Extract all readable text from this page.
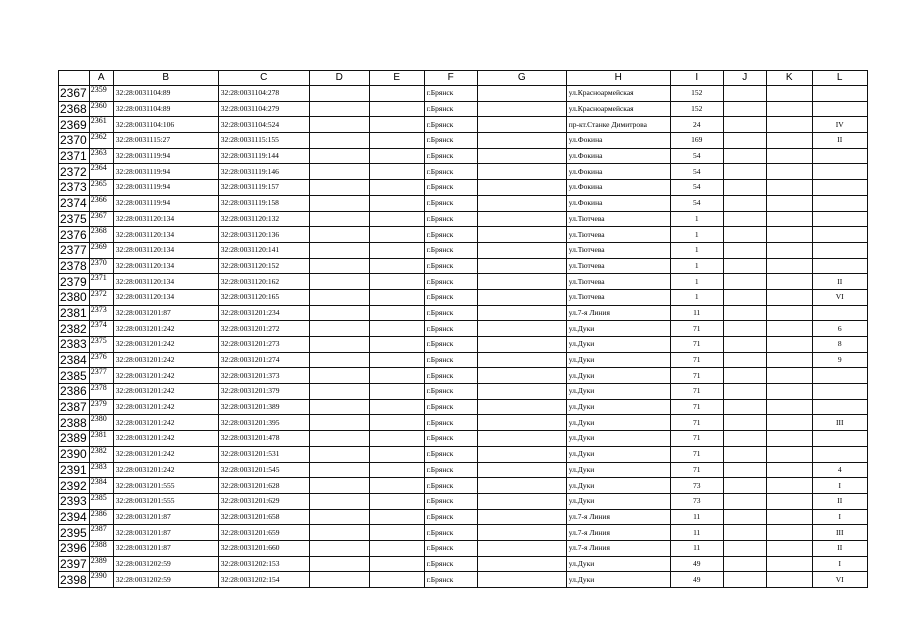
	A	B	C	D	E	F	G	H	I	J	K	L
2367	2359	32:28:0031104:89	32:28:0031104:278			г.Брянск		ул.Красноармейская	152			
2368	2360	32:28:0031104:89	32:28:0031104:279			г.Брянск		ул.Красноармейская	152			
2369	2361	32:28:0031104:106	32:28:0031104:524			г.Брянск		пр-кт.Станке Димитрова	24			IV
2370	2362	32:28:0031115:27	32:28:0031115:155			г.Брянск		ул.Фокина	169			II
2371	2363	32:28:0031119:94	32:28:0031119:144			г.Брянск		ул.Фокина	54			
2372	2364	32:28:0031119:94	32:28:0031119:146			г.Брянск		ул.Фокина	54			
2373	2365	32:28:0031119:94	32:28:0031119:157			г.Брянск		ул.Фокина	54			
2374	2366	32:28:0031119:94	32:28:0031119:158			г.Брянск		ул.Фокина	54			
2375	2367	32:28:0031120:134	32:28:0031120:132			г.Брянск		ул.Тютчева	1			
2376	2368	32:28:0031120:134	32:28:0031120:136			г.Брянск		ул.Тютчева	1			
2377	2369	32:28:0031120:134	32:28:0031120:141			г.Брянск		ул.Тютчева	1			
2378	2370	32:28:0031120:134	32:28:0031120:152			г.Брянск		ул.Тютчева	1			
2379	2371	32:28:0031120:134	32:28:0031120:162			г.Брянск		ул.Тютчева	1			II
2380	2372	32:28:0031120:134	32:28:0031120:165			г.Брянск		ул.Тютчева	1			VI
2381	2373	32:28:0031201:87	32:28:0031201:234			г.Брянск		ул.7-я Линия	11			
2382	2374	32:28:0031201:242	32:28:0031201:272			г.Брянск		ул.Дуки	71			6
2383	2375	32:28:0031201:242	32:28:0031201:273			г.Брянск		ул.Дуки	71			8
2384	2376	32:28:0031201:242	32:28:0031201:274			г.Брянск		ул.Дуки	71			9
2385	2377	32:28:0031201:242	32:28:0031201:373			г.Брянск		ул.Дуки	71			
2386	2378	32:28:0031201:242	32:28:0031201:379			г.Брянск		ул.Дуки	71			
2387	2379	32:28:0031201:242	32:28:0031201:389			г.Брянск		ул.Дуки	71			
2388	2380	32:28:0031201:242	32:28:0031201:395			г.Брянск		ул.Дуки	71			III
2389	2381	32:28:0031201:242	32:28:0031201:478			г.Брянск		ул.Дуки	71			
2390	2382	32:28:0031201:242	32:28:0031201:531			г.Брянск		ул.Дуки	71			
2391	2383	32:28:0031201:242	32:28:0031201:545			г.Брянск		ул.Дуки	71			4
2392	2384	32:28:0031201:555	32:28:0031201:628			г.Брянск		ул.Дуки	73			I
2393	2385	32:28:0031201:555	32:28:0031201:629			г.Брянск		ул.Дуки	73			II
2394	2386	32:28:0031201:87	32:28:0031201:658			г.Брянск		ул.7-я Линия	11			I
2395	2387	32:28:0031201:87	32:28:0031201:659			г.Брянск		ул.7-я Линия	11			III
2396	2388	32:28:0031201:87	32:28:0031201:660			г.Брянск		ул.7-я Линия	11			II
2397	2389	32:28:0031202:59	32:28:0031202:153			г.Брянск		ул.Дуки	49			I
2398	2390	32:28:0031202:59	32:28:0031202:154			г.Брянск		ул.Дуки	49			VI
